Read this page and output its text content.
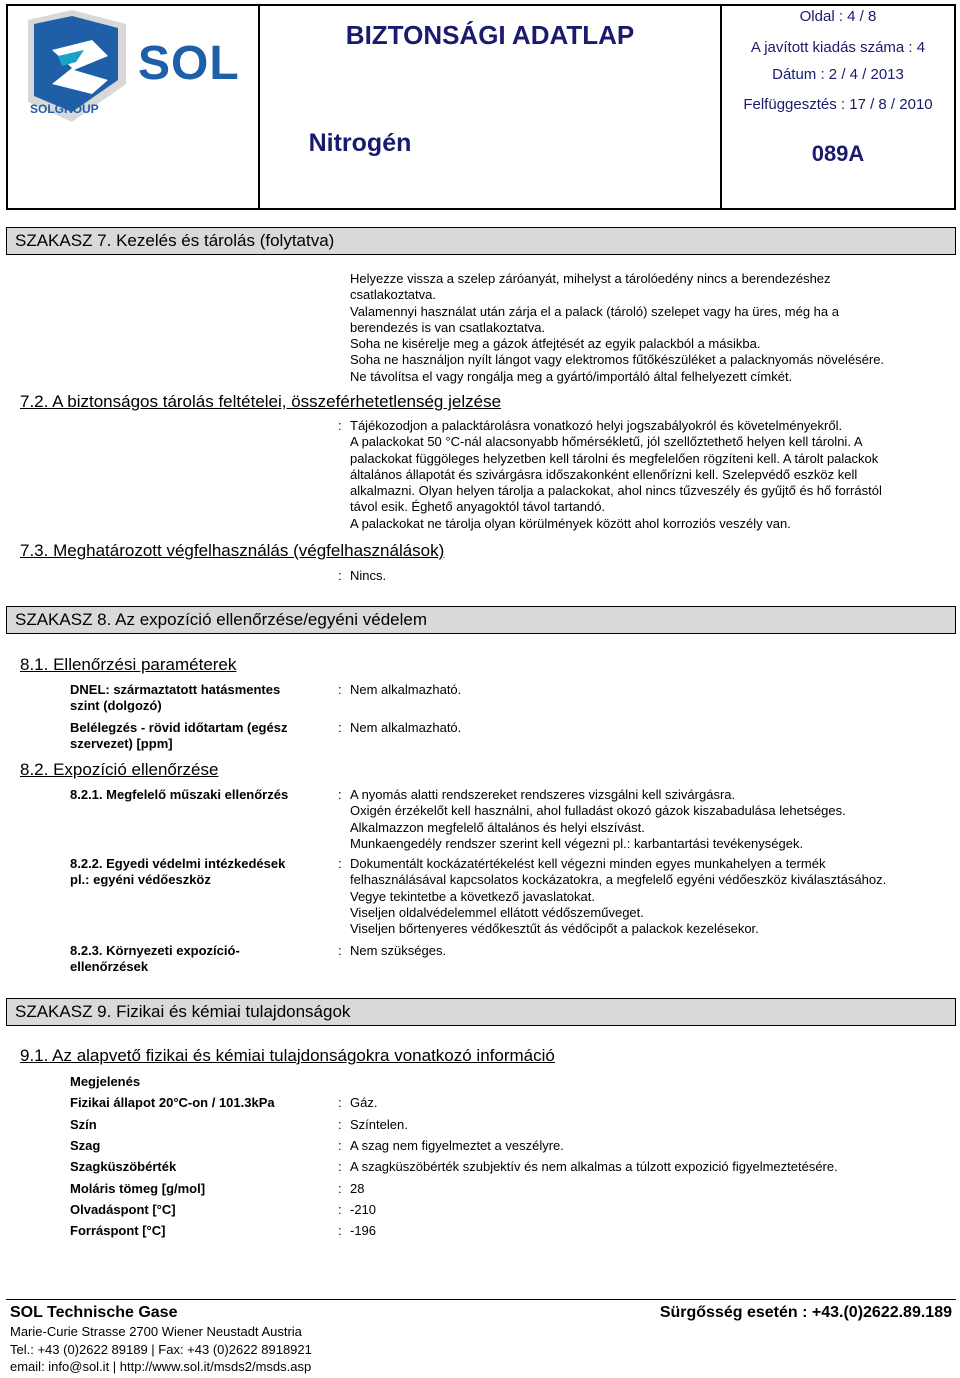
SOL
SOLGROUP
BIZTONSÁGI ADATLAP
Nitrogén
Oldal : 4 / 8
A javított kiadás száma : 4
Dátum : 2 / 4 / 2013
Felfüggesztés : 17 / 8 / 2010
089A
SZAKASZ 7. Kezelés és tárolás (folytatva)
Helyezze vissza a szelep záróanyát, mihelyst a tárolóedény nincs a berendezéshez
csatlakoztatva.
Valamennyi használat után zárja el a palack (tároló) szelepet vagy ha üres, még ha a
berendezés is van csatlakoztatva.
Soha ne kisérelje meg a gázok átfejtését az egyik palackból a másikba.
Soha ne használjon nyílt lángot vagy elektromos fűtőkészüléket a palacknyomás növelésére.
Ne távolítsa el vagy rongálja meg a gyártó/importáló által felhelyezett címkét.
7.2. A biztonságos tárolás feltételei, összeférhetetlenség jelzése
: Tájékozodjon a palacktárolásra vonatkozó helyi jogszabályokról és követelményekről.
A palackokat 50 °C-nál alacsonyabb hőmérsékletű, jól szellőztethető helyen kell tárolni. A
palackokat függöleges helyzetben kell tárolni és megfelelően rögzíteni kell. A tárolt palackok
általános állapotát és szivárgásra időszakonként ellenőrízni kell. Szelepvédő eszköz kell
alkalmazni. Olyan helyen tárolja a palackokat, ahol nincs tűzveszély és gyűjtő és hő forrástól
távol esik. Éghető anyagoktól távol tartandó.
A palackokat ne tárolja olyan körülmények között ahol korroziós veszély van.
7.3. Meghatározott végfelhasználás (végfelhasználások)
: Nincs.
SZAKASZ 8. Az expozíció ellenőrzése/egyéni védelem
8.1. Ellenőrzési paraméterek
DNEL: származtatott hatásmentes
szint (dolgozó)
: Nem alkalmazható.
Belélegzés - rövid időtartam (egész
szervezet) [ppm]
: Nem alkalmazható.
8.2. Expozíció ellenőrzése
8.2.1. Megfelelő műszaki ellenőrzés	: A nyomás alatti rendszereket rendszeres vizsgálni kell szivárgásra.
Oxigén érzékelőt kell használni, ahol fulladást okozó gázok kiszabadulása lehetséges.
Alkalmazzon megfelelő általános és helyi elszívást.
Munkaengedély rendszer szerint kell végezni pl.: karbantartási tevékenységek.
8.2.2. Egyedi védelmi intézkedések
pl.: egyéni védőeszköz
: Dokumentált kockázatértékelést kell végezni minden egyes munkahelyen a termék
felhasználásával kapcsolatos kockázatokra, a megfelelő egyéni védőeszköz kiválasztásához.
Vegye tekintetbe a következő javaslatokat.
Viseljen oldalvédelemmel ellátott védőszeműveget.
Viseljen bőrtenyeres védőkesztűt ás védőcipőt a palackok kezelésekor.
8.2.3. Környezeti expozíció-
ellenőrzések
: Nem szükséges.
SZAKASZ 9. Fizikai és kémiai tulajdonságok
9.1. Az alapvető fizikai és kémiai tulajdonságokra vonatkozó információ
Megjelenés
Fizikai állapot 20°C-on / 101.3kPa	: Gáz.
Szín	: Színtelen.
Szag	: A szag nem figyelmeztet a veszélyre.
Szagküszöbérték	: A szagküszöbérték szubjektív és nem alkalmas a túlzott expozició figyelmeztetésére.
Moláris tömeg [g/mol]	: 28
Olvadáspont [°C]	: -210
Forráspont [°C]	: -196
SOL Technische Gase	Sürgősség esetén : +43.(0)2622.89.189
Marie-Curie Strasse 2700 Wiener Neustadt Austria
Tel.: +43 (0)2622 89189 | Fax: +43 (0)2622 8918921
email: info@sol.it | http://www.sol.it/msds2/msds.asp
